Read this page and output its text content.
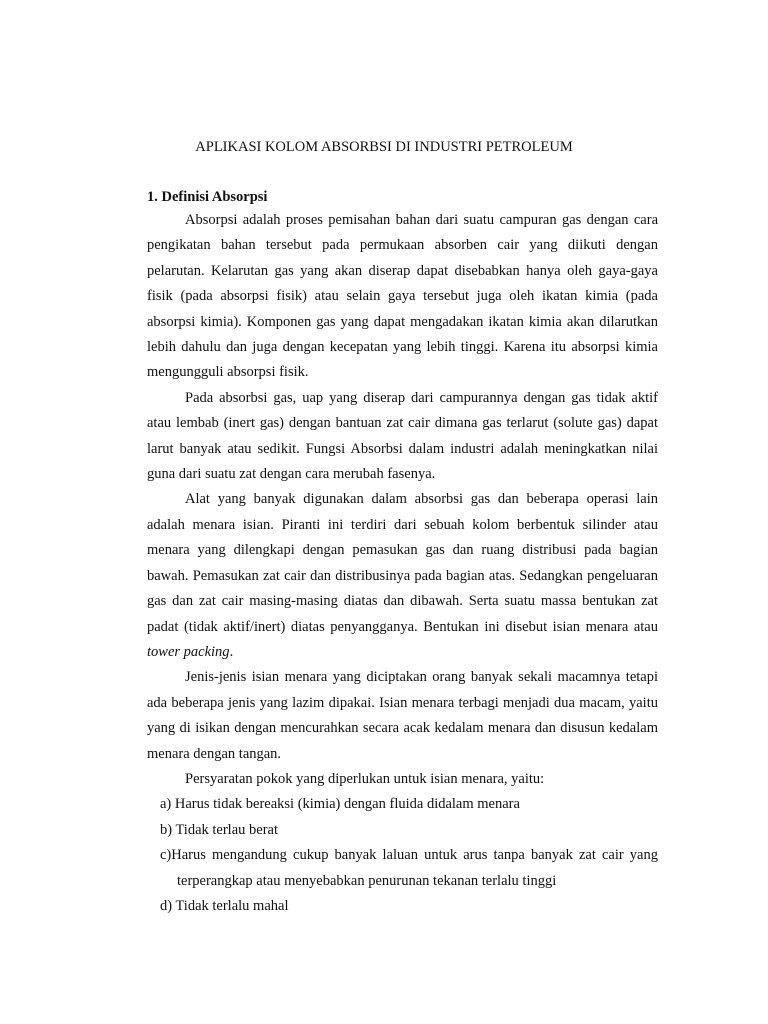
APLIKASI KOLOM ABSORBSI DI INDUSTRI PETROLEUM
1. Definisi Absorpsi

Absorpsi adalah proses pemisahan bahan dari suatu campuran gas dengan cara pengikatan bahan tersebut pada permukaan absorben cair yang diikuti dengan pelarutan. Kelarutan gas yang akan diserap dapat disebabkan hanya oleh gaya-gaya fisik (pada absorpsi fisik) atau selain gaya tersebut juga oleh ikatan kimia (pada absorpsi kimia). Komponen gas yang dapat mengadakan ikatan kimia akan dilarutkan lebih dahulu dan juga dengan kecepatan yang lebih tinggi. Karena itu absorpsi kimia mengungguli absorpsi fisik.

Pada absorbsi gas, uap yang diserap dari campurannya dengan gas tidak aktif atau lembab (inert gas) dengan bantuan zat cair dimana gas terlarut (solute gas) dapat larut banyak atau sedikit. Fungsi Absorbsi dalam industri adalah meningkatkan nilai guna dari suatu zat dengan cara merubah fasenya.

Alat yang banyak digunakan dalam absorbsi gas dan beberapa operasi lain adalah menara isian. Piranti ini terdiri dari sebuah kolom berbentuk silinder atau menara yang dilengkapi dengan pemasukan gas dan ruang distribusi pada bagian bawah. Pemasukan zat cair dan distribusinya pada bagian atas. Sedangkan pengeluaran gas dan zat cair masing-masing diatas dan dibawah. Serta suatu massa bentukan zat padat (tidak aktif/inert) diatas penyangganya. Bentukan ini disebut isian menara atau tower packing.

Jenis-jenis isian menara yang diciptakan orang banyak sekali macamnya tetapi ada beberapa jenis yang lazim dipakai. Isian menara terbagi menjadi dua macam, yaitu yang di isikan dengan mencurahkan secara acak kedalam menara dan disusun kedalam menara dengan tangan.

Persyaratan pokok yang diperlukan untuk isian menara, yaitu:

a) Harus tidak bereaksi (kimia) dengan fluida didalam menara
b) Tidak terlau berat
c)Harus mengandung cukup banyak laluan untuk arus tanpa banyak zat cair yang terperangkap atau menyebabkan penurunan tekanan terlalu tinggi
d) Tidak terlalu mahal
